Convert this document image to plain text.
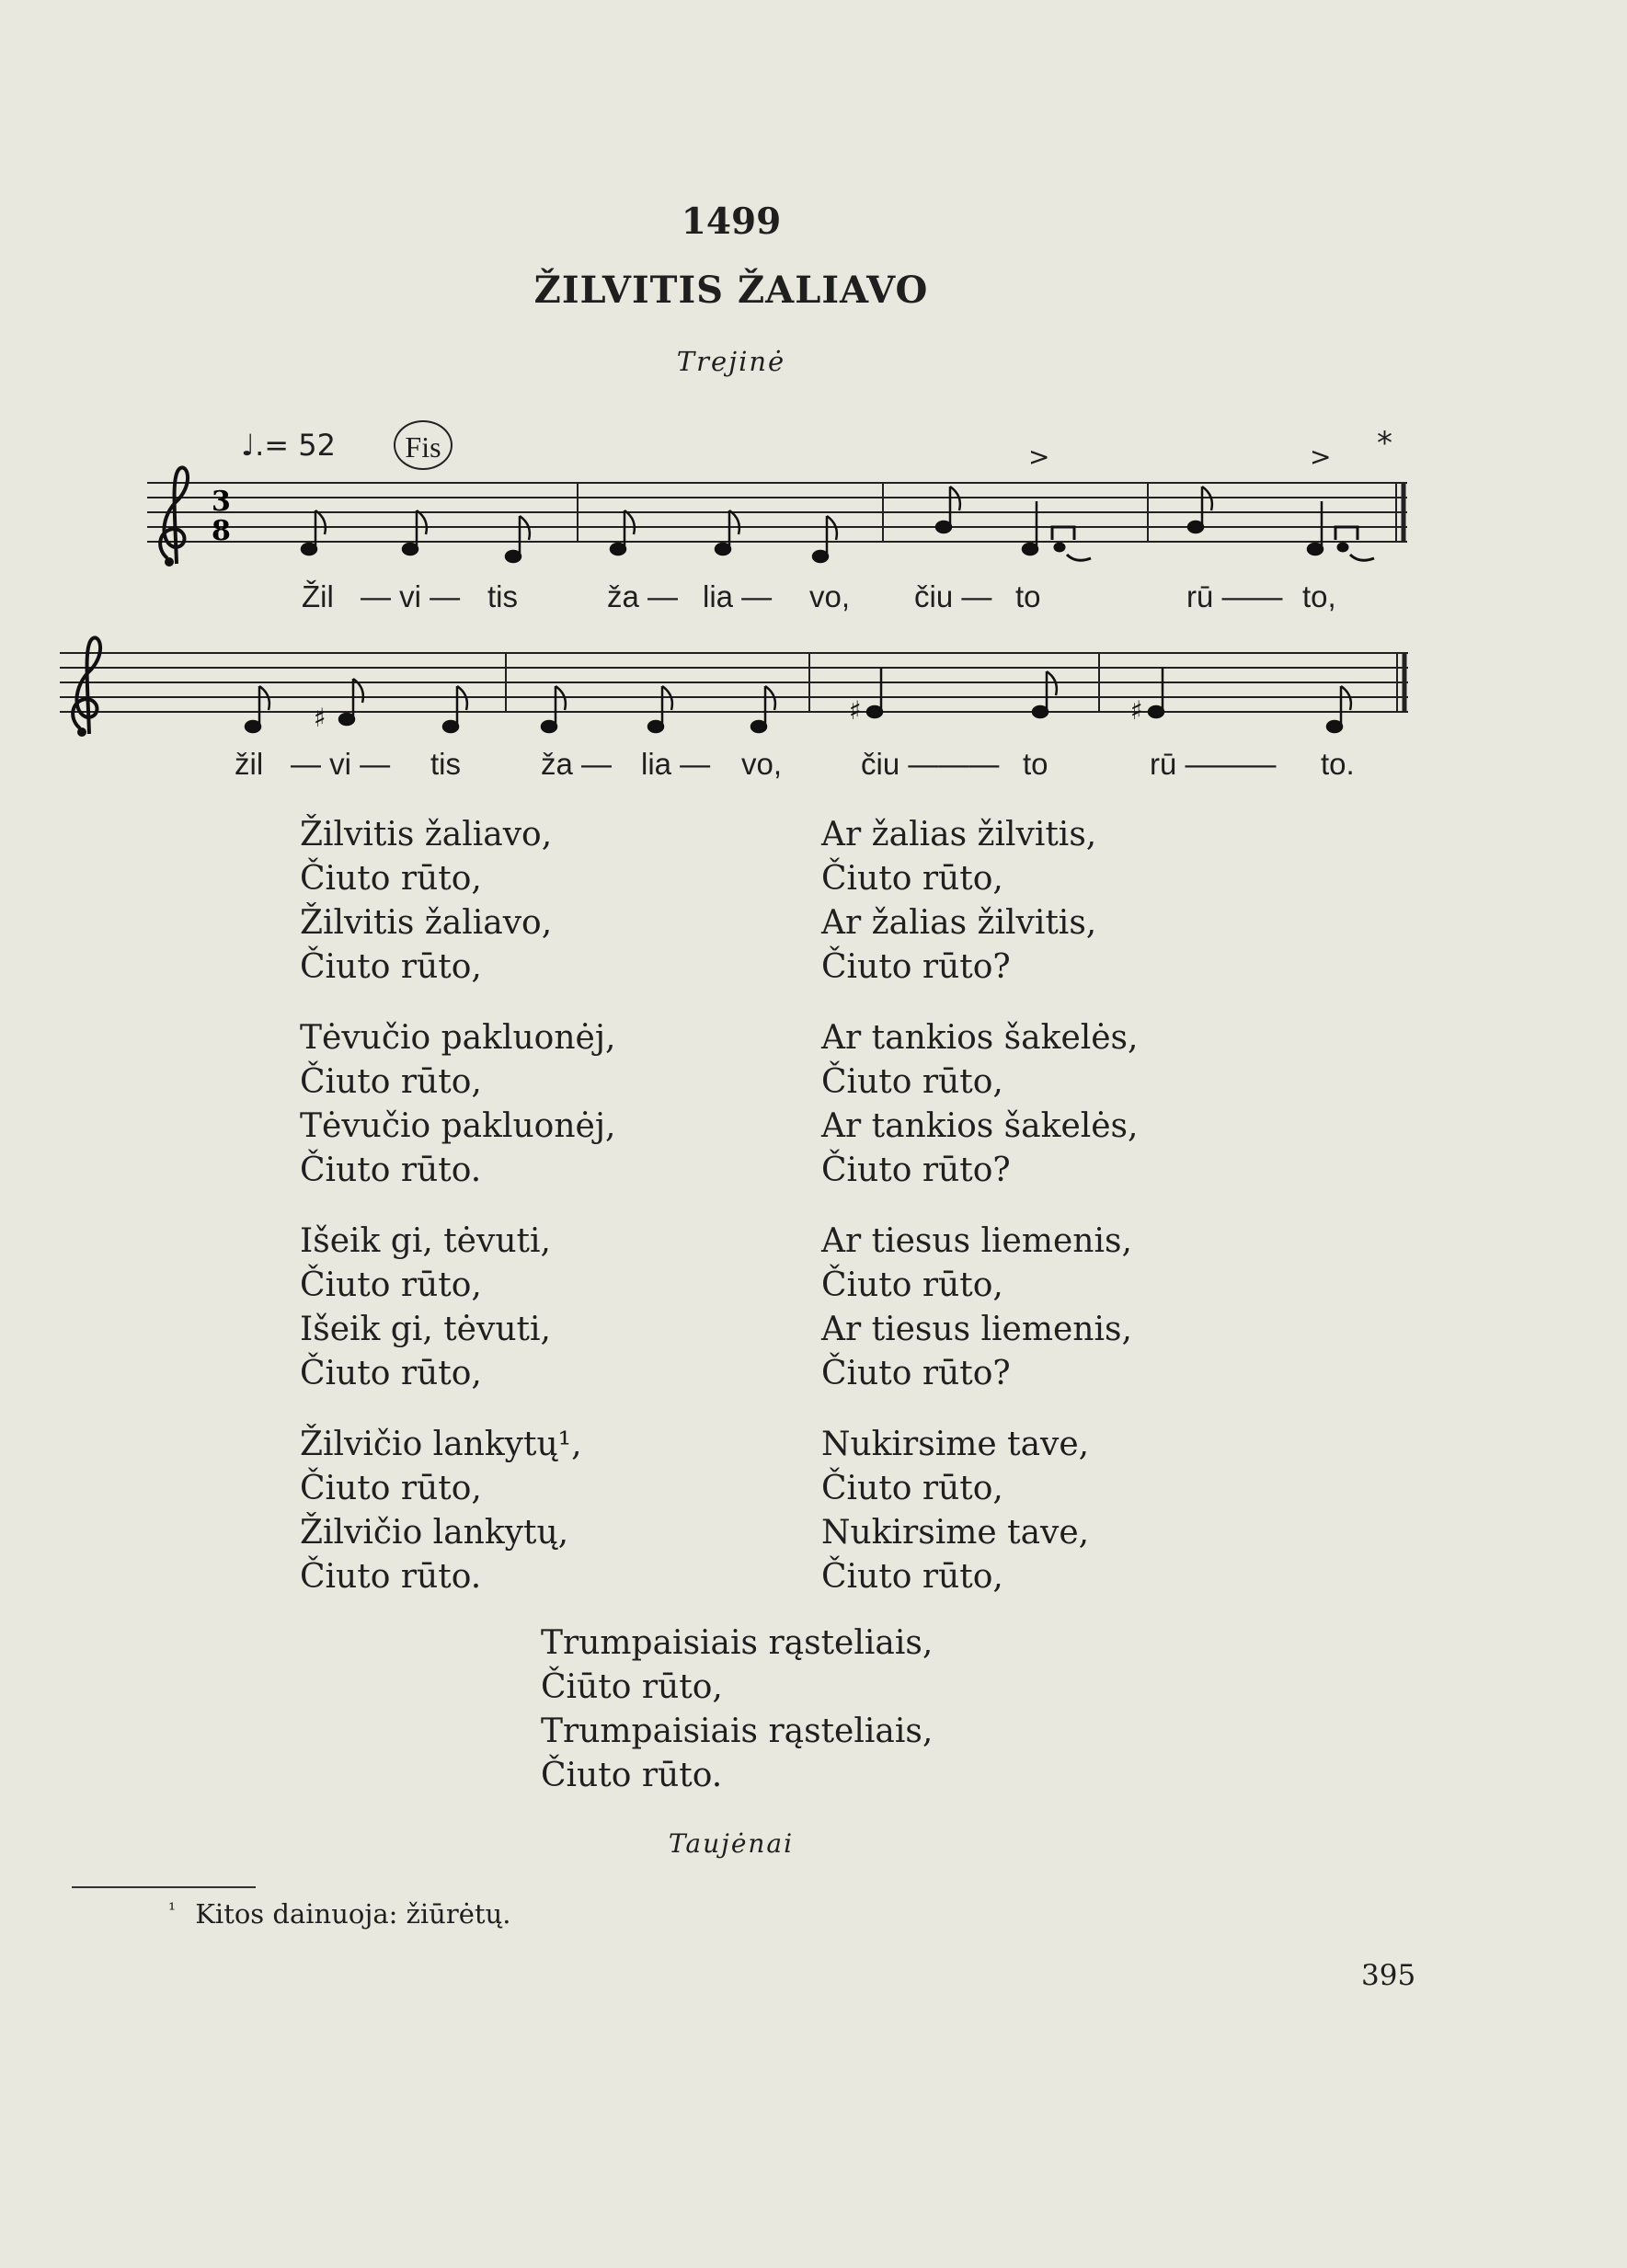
1499
ŽILVITIS ŽALIAVO
Trejinė
♩.= 52	Fis	>	> *
3
8
Žil — vi — tis	ža — lia — vo, čiu — to	rū —— to,
♯	♯	♯
žil — vi — tis	ža — lia — vo,	čiu ——— to	rū ——— to.
Žilvitis žaliavo,
Čiuto rūto,
Žilvitis žaliavo,
Čiuto rūto,
Tėvučio pakluonėj,
Čiuto rūto,
Tėvučio pakluonėj,
Čiuto rūto.
Išeik gi, tėvuti,
Čiuto rūto,
Išeik gi, tėvuti,
Čiuto rūto,
Žilvičio lankytų¹,
Čiuto rūto,
Žilvičio lankytų,
Čiuto rūto.
Ar žalias žilvitis,
Čiuto rūto,
Ar žalias žilvitis,
Čiuto rūto?
Ar tankios šakelės,
Čiuto rūto,
Ar tankios šakelės,
Čiuto rūto?
Ar tiesus liemenis,
Čiuto rūto,
Ar tiesus liemenis,
Čiuto rūto?
Nukirsime tave,
Čiuto rūto,
Nukirsime tave,
Čiuto rūto,
Trumpaisiais rąsteliais,
Čiūto rūto,
Trumpaisiais rąsteliais,
Čiuto rūto.
Taujėnai
$^{^1}$ Kitos dainuoja: žiūrėtų.
395
